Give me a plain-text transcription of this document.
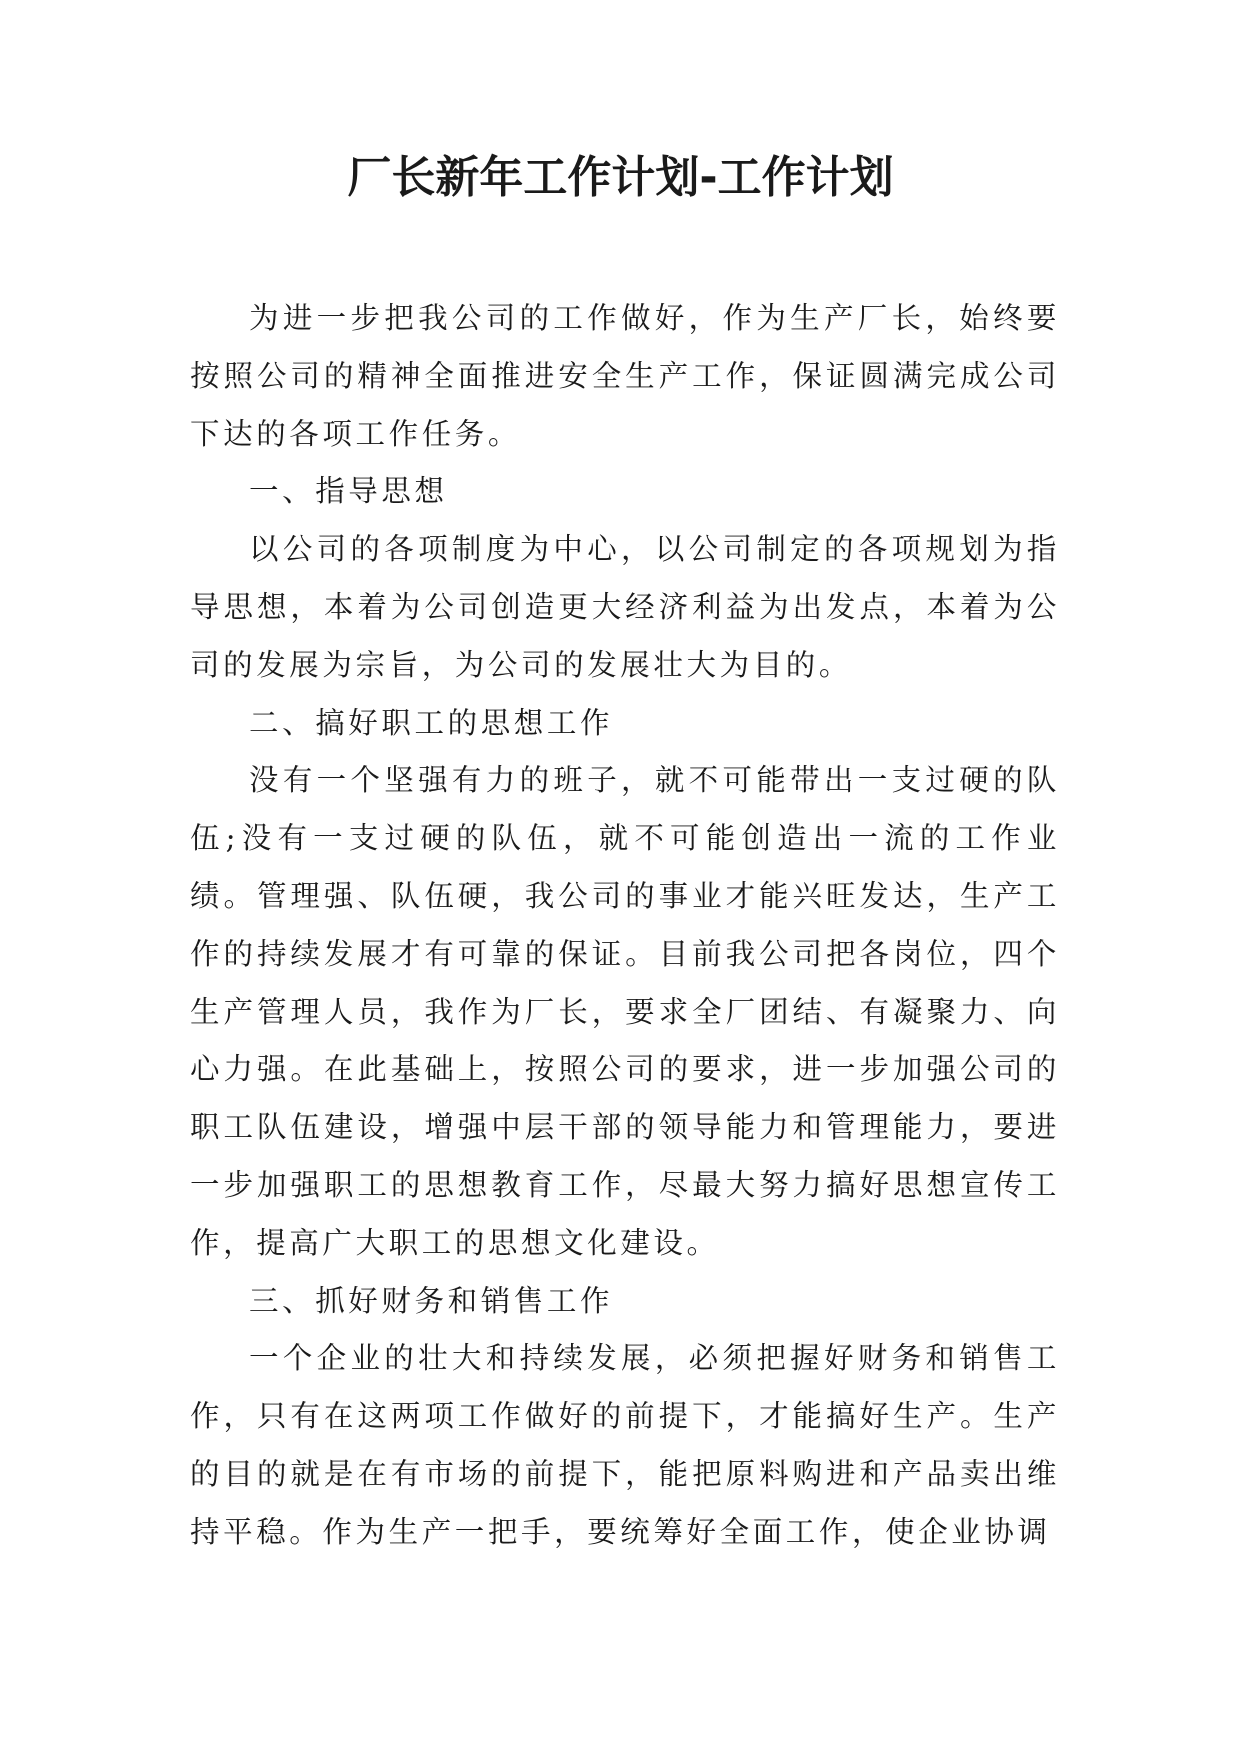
厂长新年工作计划-工作计划

为进一步把我公司的工作做好，作为生产厂长，始终要按照公司的精神全面推进安全生产工作，保证圆满完成公司下达的各项工作任务。

一、指导思想

以公司的各项制度为中心，以公司制定的各项规划为指导思想，本着为公司创造更大经济利益为出发点，本着为公司的发展为宗旨，为公司的发展壮大为目的。

二、搞好职工的思想工作

没有一个坚强有力的班子，就不可能带出一支过硬的队伍;没有一支过硬的队伍，就不可能创造出一流的工作业绩。管理强、队伍硬，我公司的事业才能兴旺发达，生产工作的持续发展才有可靠的保证。目前我公司把各岗位，四个生产管理人员，我作为厂长，要求全厂团结、有凝聚力、向心力强。在此基础上，按照公司的要求，进一步加强公司的职工队伍建设，增强中层干部的领导能力和管理能力，要进一步加强职工的思想教育工作，尽最大努力搞好思想宣传工作，提高广大职工的思想文化建设。

三、抓好财务和销售工作

一个企业的壮大和持续发展，必须把握好财务和销售工作，只有在这两项工作做好的前提下，才能搞好生产。生产的目的就是在有市场的前提下，能把原料购进和产品卖出维持平稳。作为生产一把手，要统筹好全面工作，使企业协调
